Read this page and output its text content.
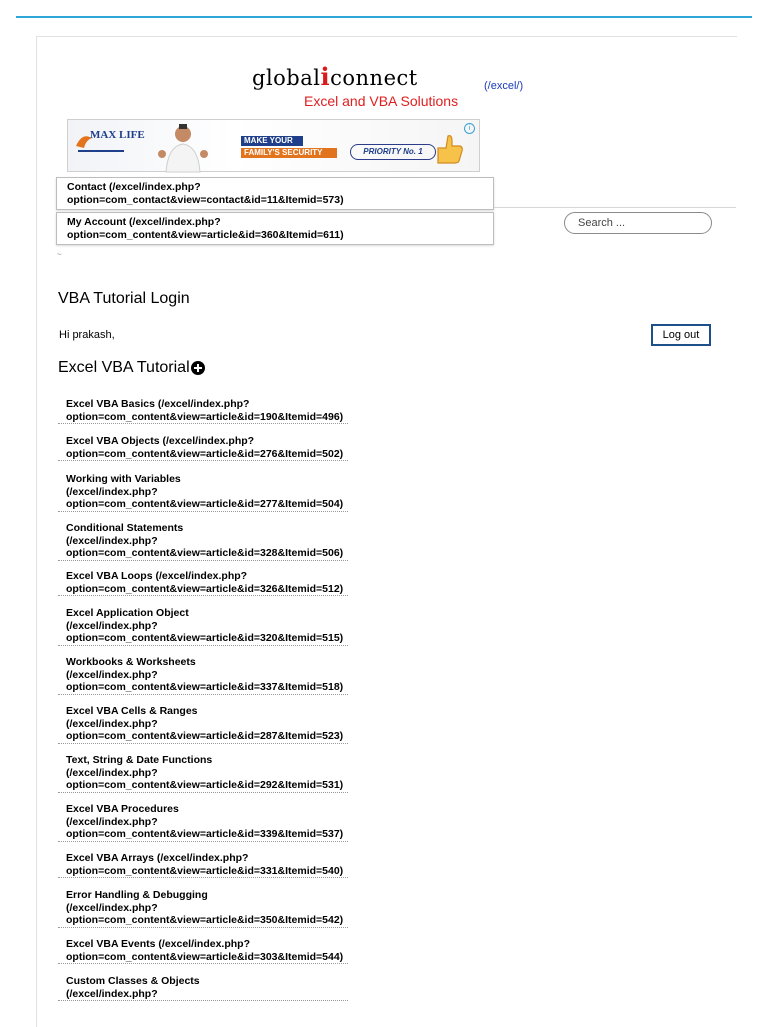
globaliconnect
Excel and VBA Solutions
(/excel/)
MAX LIFE	MAKE YOUR
FAMILY'S SECURITY	PRIORITY No. 1
i
Contact (/excel/index.php?
option=com_contact&view=contact&id=11&Itemid=573)
My Account (/excel/index.php?
option=com_content&view=article&id=360&Itemid=611)
Search ...
~
VBA Tutorial Login
Hi prakash,	Log out
Excel VBA Tutorial
Excel VBA Basics (/excel/index.php?
option=com_content&view=article&id=190&Itemid=496)
Excel VBA Objects (/excel/index.php?
option=com_content&view=article&id=276&Itemid=502)
Working with Variables
(/excel/index.php?
option=com_content&view=article&id=277&Itemid=504)
Conditional Statements
(/excel/index.php?
option=com_content&view=article&id=328&Itemid=506)
Excel VBA Loops (/excel/index.php?
option=com_content&view=article&id=326&Itemid=512)
Excel Application Object
(/excel/index.php?
option=com_content&view=article&id=320&Itemid=515)
Workbooks & Worksheets
(/excel/index.php?
option=com_content&view=article&id=337&Itemid=518)
Excel VBA Cells & Ranges
(/excel/index.php?
option=com_content&view=article&id=287&Itemid=523)
Text, String & Date Functions
(/excel/index.php?
option=com_content&view=article&id=292&Itemid=531)
Excel VBA Procedures
(/excel/index.php?
option=com_content&view=article&id=339&Itemid=537)
Excel VBA Arrays (/excel/index.php?
option=com_content&view=article&id=331&Itemid=540)
Error Handling & Debugging
(/excel/index.php?
option=com_content&view=article&id=350&Itemid=542)
Excel VBA Events (/excel/index.php?
option=com_content&view=article&id=303&Itemid=544)
Custom Classes & Objects
(/excel/index.php?
